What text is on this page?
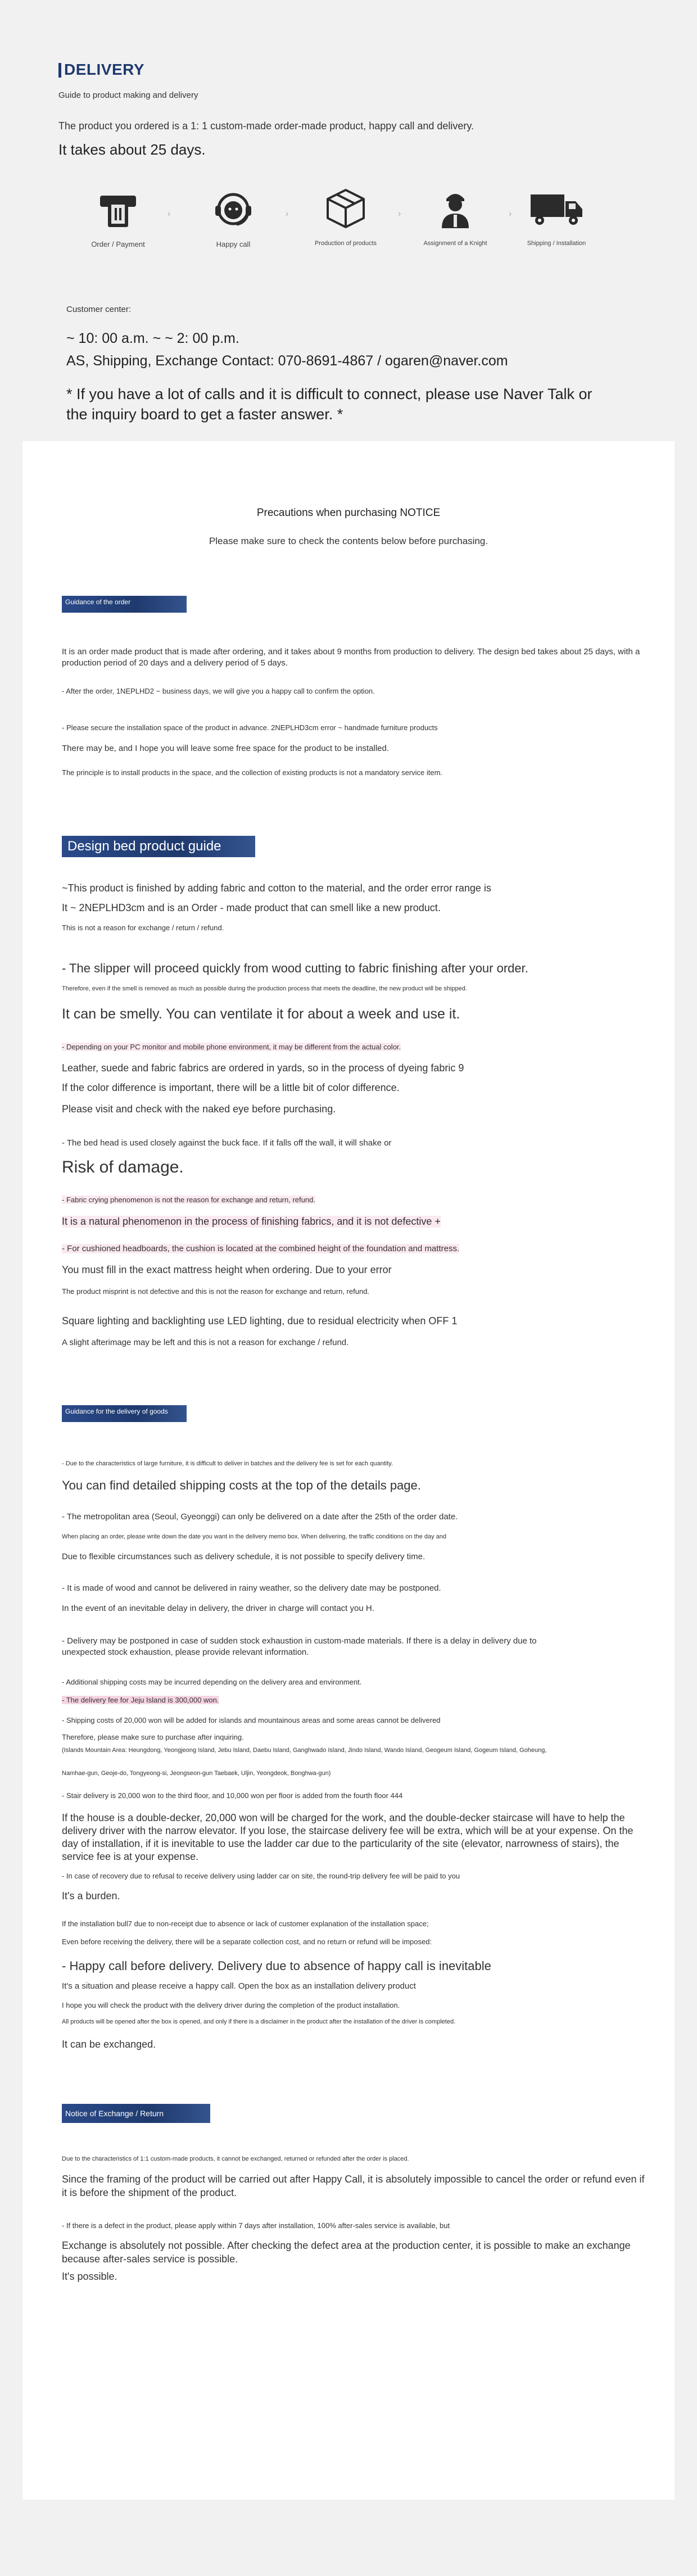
DELIVERY

Guide to product making and delivery

The product you ordered is a 1: 1 custom-made order-made product, happy call and delivery.

It takes about 25 days.

Order / Payment
›
Happy call
›
Production of products
›
Assignment of a Knight
›
Shipping / Installation

Customer center:

~ 10: 00 a.m. ~ ~ 2: 00 p.m.

AS, Shipping, Exchange Contact: 070-8691-4867 / ogaren@naver.com

* If you have a lot of calls and it is difficult to connect, please use Naver Talk or the inquiry board to get a faster answer. *

Precautions when purchasing NOTICE

Please make sure to check the contents below before purchasing.

Guidance of the order

It is an order made product that is made after ordering, and it takes about 9 months from production to delivery. The design bed takes about 25 days, with a production period of 20 days and a delivery period of 5 days.

- After the order, 1NEPLHD2 ~ business days, we will give you a happy call to confirm the option.

- Please secure the installation space of the product in advance. 2NEPLHD3cm error ~ handmade furniture products

There may be, and I hope you will leave some free space for the product to be installed.

The principle is to install products in the space, and the collection of existing products is not a mandatory service item.

Design bed product guide

~This product is finished by adding fabric and cotton to the material, and the order error range is

It ~ 2NEPLHD3cm and is an Order - made product that can smell like a new product.

This is not a reason for exchange / return / refund.

- The slipper will proceed quickly from wood cutting to fabric finishing after your order.

Therefore, even if the smell is removed as much as possible during the production process that meets the deadline, the new product will be shipped.

It can be smelly. You can ventilate it for about a week and use it.

- Depending on your PC monitor and mobile phone environment, it may be different from the actual color.

Leather, suede and fabric fabrics are ordered in yards, so in the process of dyeing fabric 9

If the color difference is important, there will be a little bit of color difference.

Please visit and check with the naked eye before purchasing.

- The bed head is used closely against the buck face. If it falls off the wall, it will shake or

Risk of damage.

- Fabric crying phenomenon is not the reason for exchange and return, refund.

It is a natural phenomenon in the process of finishing fabrics, and it is not defective +

- For cushioned headboards, the cushion is located at the combined height of the foundation and mattress.

You must fill in the exact mattress height when ordering. Due to your error

The product misprint is not defective and this is not the reason for exchange and return, refund.

Square lighting and backlighting use LED lighting, due to residual electricity when OFF 1

A slight afterimage may be left and this is not a reason for exchange / refund.

Guidance for the delivery of goods

- Due to the characteristics of large furniture, it is difficult to deliver in batches and the delivery fee is set for each quantity.

You can find detailed shipping costs at the top of the details page.

- The metropolitan area (Seoul, Gyeonggi) can only be delivered on a date after the 25th of the order date.

When placing an order, please write down the date you want in the delivery memo box. When delivering, the traffic conditions on the day and

Due to flexible circumstances such as delivery schedule, it is not possible to specify delivery time.

- It is made of wood and cannot be delivered in rainy weather, so the delivery date may be postponed.

In the event of an inevitable delay in delivery, the driver in charge will contact you H.

- Delivery may be postponed in case of sudden stock exhaustion in custom-made materials. If there is a delay in delivery due to unexpected stock exhaustion, please provide relevant information.

- Additional shipping costs may be incurred depending on the delivery area and environment.

- The delivery fee for Jeju Island is 300,000 won.

- Shipping costs of 20,000 won will be added for islands and mountainous areas and some areas cannot be delivered

Therefore, please make sure to purchase after inquiring.

(Islands Mountain Area: Heungdong, Yeongjeong Island, Jebu Island, Daebu Island, Ganghwado Island, Jindo Island, Wando Island, Geogeum Island, Gogeum Island, Goheung,

Namhae-gun, Geoje-do, Tongyeong-si, Jeongseon-gun Taebaek, Uljin, Yeongdeok, Bonghwa-gun)

- Stair delivery is 20,000 won to the third floor, and 10,000 won per floor is added from the fourth floor 444

If the house is a double-decker, 20,000 won will be charged for the work, and the double-decker staircase will have to help the delivery driver with the narrow elevator. If you lose, the staircase delivery fee will be extra, which will be at your expense. On the day of installation, if it is inevitable to use the ladder car due to the particularity of the site (elevator, narrowness of stairs), the service fee is at your expense.

- In case of recovery due to refusal to receive delivery using ladder car on site, the round-trip delivery fee will be paid to you

It's a burden.

If the installation bull7 due to non-receipt due to absence or lack of customer explanation of the installation space;

Even before receiving the delivery, there will be a separate collection cost, and no return or refund will be imposed:

- Happy call before delivery. Delivery due to absence of happy call is inevitable

It's a situation and please receive a happy call. Open the box as an installation delivery product

I hope you will check the product with the delivery driver during the completion of the product installation.

All products will be opened after the box is opened, and only if there is a disclaimer in the product after the installation of the driver is completed.

It can be exchanged.

Notice of Exchange / Return

Due to the characteristics of 1:1 custom-made products, it cannot be exchanged, returned or refunded after the order is placed.

Since the framing of the product will be carried out after Happy Call, it is absolutely impossible to cancel the order or refund even if it is before the shipment of the product.

- If there is a defect in the product, please apply within 7 days after installation, 100% after-sales service is available, but

Exchange is absolutely not possible. After checking the defect area at the production center, it is possible to make an exchange because after-sales service is possible.

It's possible.
